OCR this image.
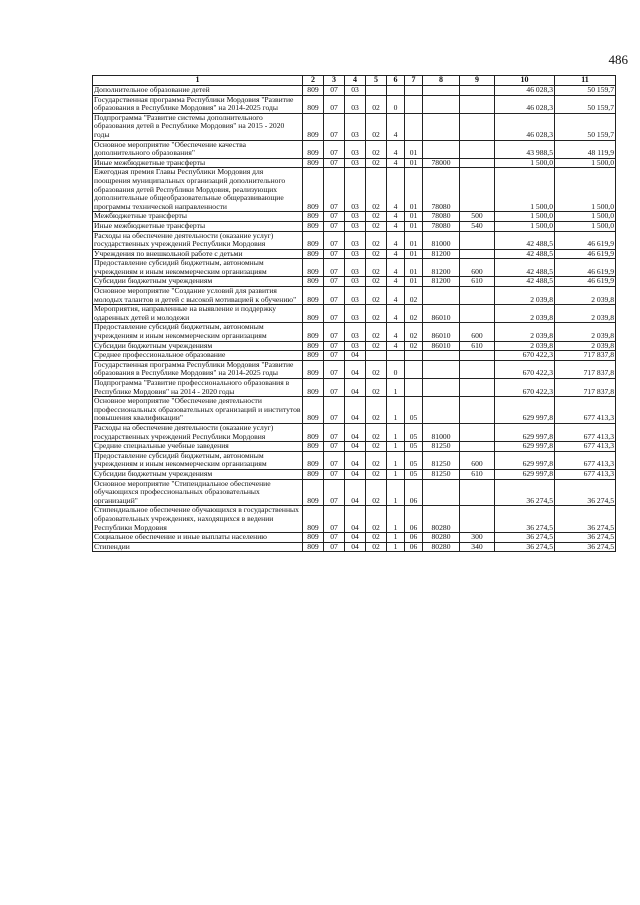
486
1	2	3	4	5	6	7	8	9	10	11
Дополнительное образование детей	809	07	03						46 028,3	50 159,7
Государственная программа Республики Мордовия "Развитие образования в Республике Мордовия" на 2014-2025 годы	809	07	03	02	0				46 028,3	50 159,7
Подпрограмма "Развитие системы дополнительного образования детей в Республике Мордовия" на 2015 - 2020 годы	809	07	03	02	4				46 028,3	50 159,7
Основное мероприятие "Обеспечение качества дополнительного образования"	809	07	03	02	4	01			43 988,5	48 119,9
Иные межбюджетные трансферты	809	07	03	02	4	01	78000		1 500,0	1 500,0
Ежегодная премия Главы Республики Мордовия для поощрения муниципальных организаций дополнительного образования детей Республики Мордовия, реализующих дополнительные общеобразовательные общеразвивающие программы технической направленности	809	07	03	02	4	01	78080		1 500,0	1 500,0
Межбюджетные трансферты	809	07	03	02	4	01	78080	500	1 500,0	1 500,0
Иные межбюджетные трансферты	809	07	03	02	4	01	78080	540	1 500,0	1 500,0
Расходы на обеспечение деятельности (оказание услуг) государственных учреждений Республики Мордовия	809	07	03	02	4	01	81000		42 488,5	46 619,9
Учреждения по внешкольной работе с детьми	809	07	03	02	4	01	81200		42 488,5	46 619,9
Предоставление субсидий бюджетным, автономным учреждениям и иным некоммерческим организациям	809	07	03	02	4	01	81200	600	42 488,5	46 619,9
Субсидии бюджетным учреждениям	809	07	03	02	4	01	81200	610	42 488,5	46 619,9
Основное мероприятие "Создание условий для развития молодых талантов и детей с высокой мотивацией к обучению"	809	07	03	02	4	02			2 039,8	2 039,8
Мероприятия, направленные на выявление и поддержку одаренных детей и молодежи	809	07	03	02	4	02	86010		2 039,8	2 039,8
Предоставление субсидий бюджетным, автономным учреждениям и иным некоммерческим организациям	809	07	03	02	4	02	86010	600	2 039,8	2 039,8
Субсидии бюджетным учреждениям	809	07	03	02	4	02	86010	610	2 039,8	2 039,8
Среднее профессиональное образование	809	07	04						670 422,3	717 837,8
Государственная программа Республики Мордовия "Развитие образования в Республике Мордовия" на 2014-2025 годы	809	07	04	02	0				670 422,3	717 837,8
Подпрограмма "Развитие профессионального образования в Республике Мордовия" на 2014 - 2020 годы	809	07	04	02	1				670 422,3	717 837,8
Основное мероприятие "Обеспечение деятельности профессиональных образовательных организаций и институтов повышения квалификации"	809	07	04	02	1	05			629 997,8	677 413,3
Расходы на обеспечение деятельности (оказание услуг) государственных учреждений Республики Мордовия	809	07	04	02	1	05	81000		629 997,8	677 413,3
Средние специальные учебные заведения	809	07	04	02	1	05	81250		629 997,8	677 413,3
Предоставление субсидий бюджетным, автономным учреждениям и иным некоммерческим организациям	809	07	04	02	1	05	81250	600	629 997,8	677 413,3
Субсидии бюджетным учреждениям	809	07	04	02	1	05	81250	610	629 997,8	677 413,3
Основное мероприятие "Стипендиальное обеспечение обучающихся профессиональных образовательных организаций"	809	07	04	02	1	06			36 274,5	36 274,5
Стипендиальное обеспечение обучающихся в государственных образовательных учреждениях, находящихся в ведении Республики Мордовия	809	07	04	02	1	06	80280		36 274,5	36 274,5
Социальное обеспечение и иные выплаты населению	809	07	04	02	1	06	80280	300	36 274,5	36 274,5
Стипендии	809	07	04	02	1	06	80280	340	36 274,5	36 274,5
